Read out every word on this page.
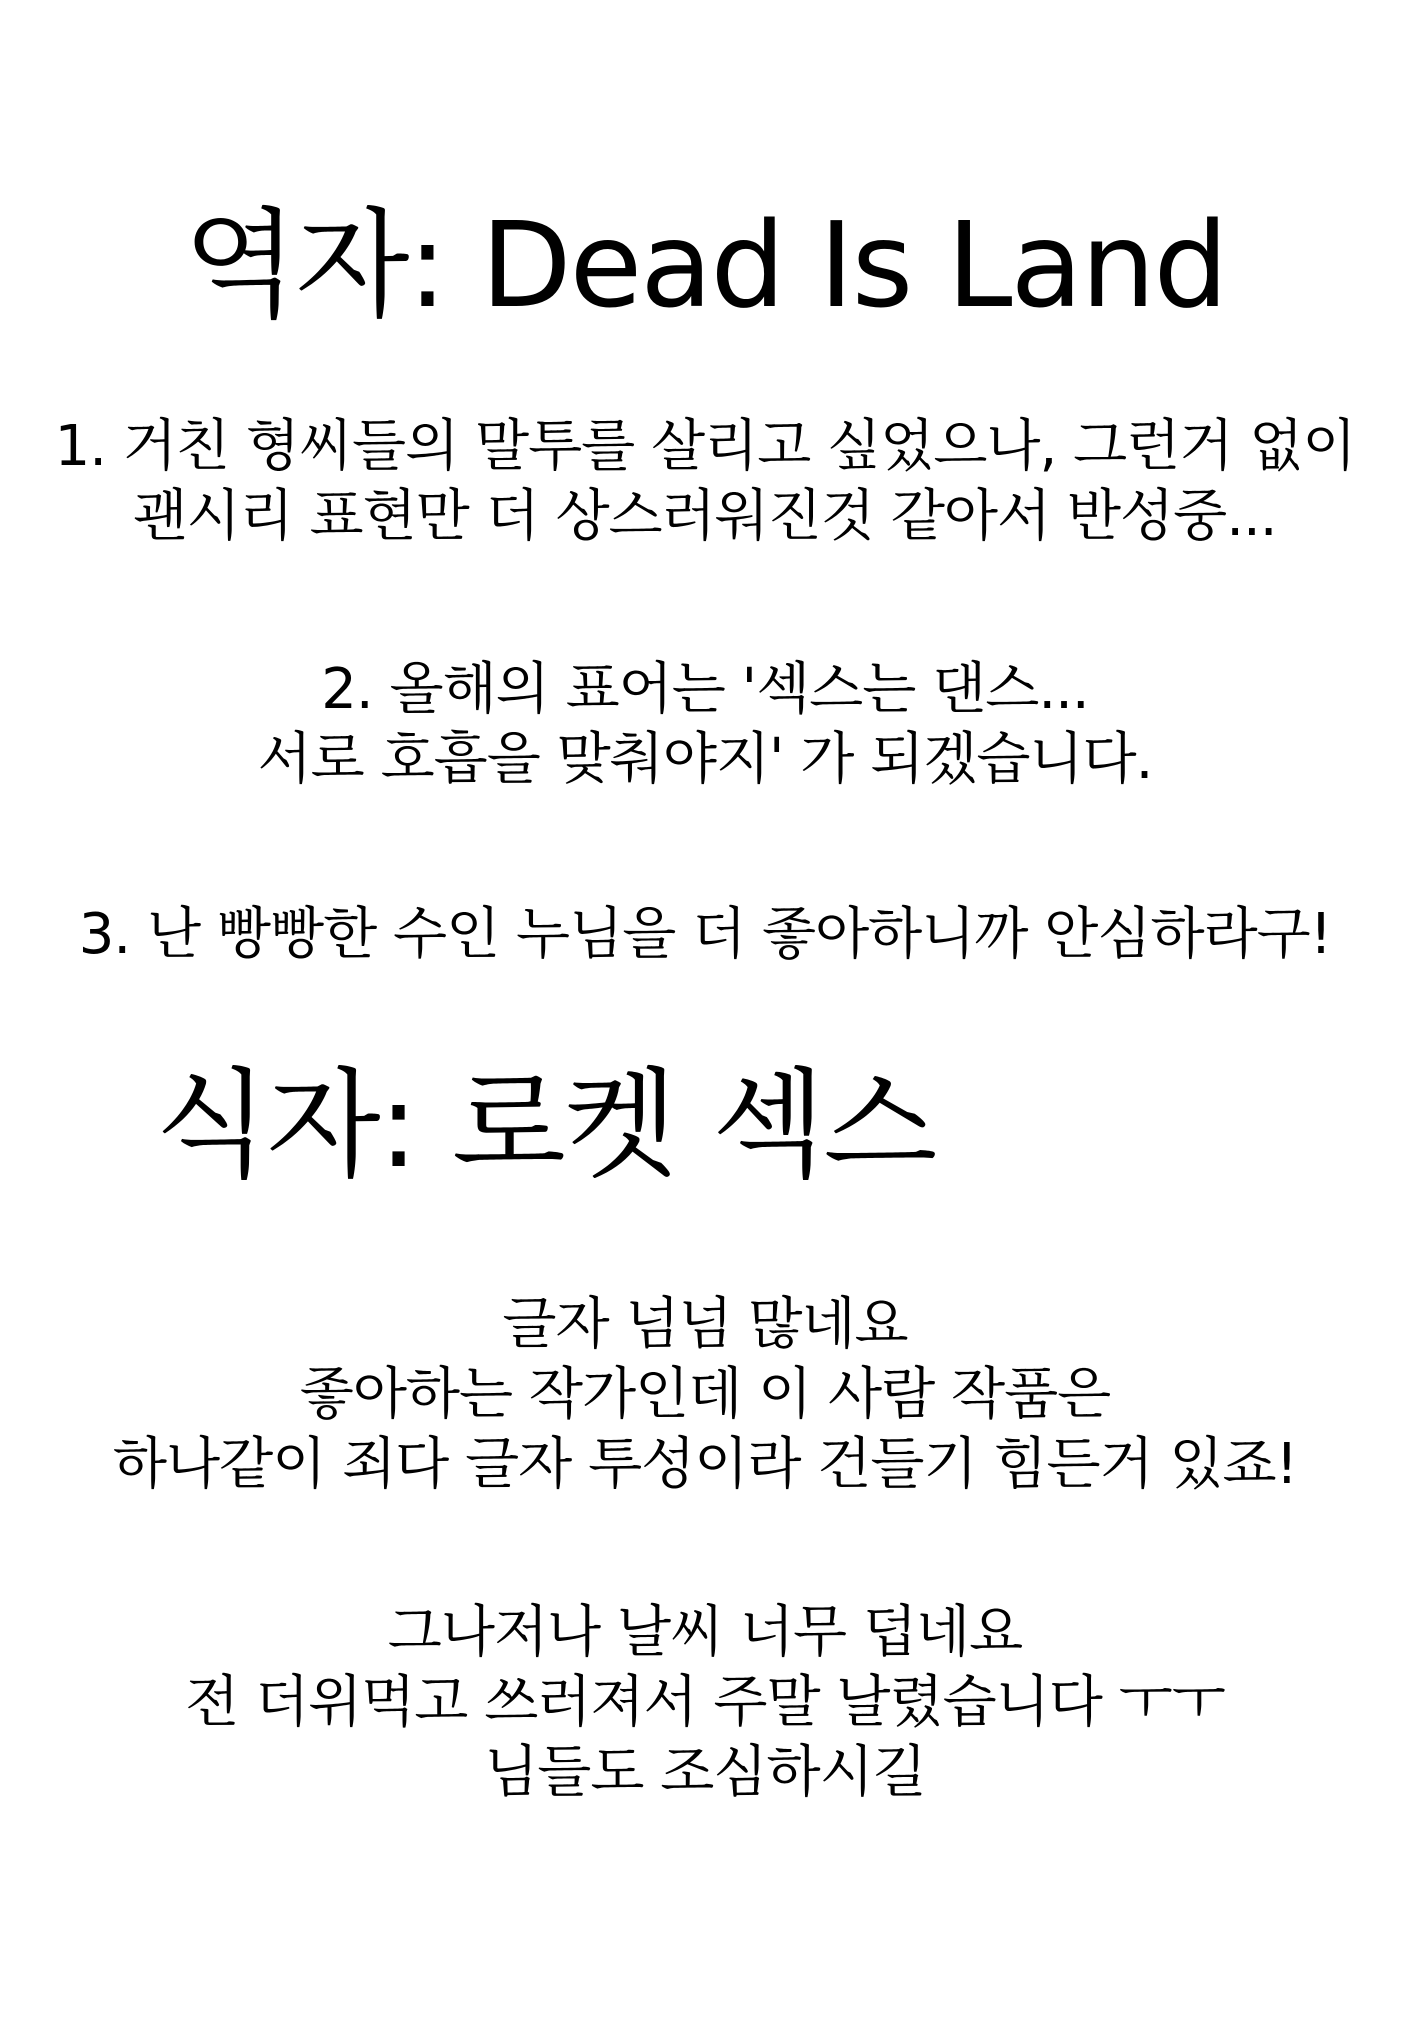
역자: Dead Is Land
1. 거친 형씨들의 말투를 살리고 싶었으나, 그런거 없이
괜시리 표현만 더 상스러워진것 같아서 반성중...
2. 올해의 표어는 '섹스는 댄스...
서로 호흡을 맞춰야지' 가 되겠습니다.
3. 난 빵빵한 수인 누님을 더 좋아하니까 안심하라구!
식자: 로켓 섹스
글자 넘넘 많네요
좋아하는 작가인데 이 사람 작품은
하나같이 죄다 글자 투성이라 건들기 힘든거 있죠!
그나저나 날씨 너무 덥네요
전 더위먹고 쓰러져서 주말 날렸습니다 ㅜㅜ
님들도 조심하시길
